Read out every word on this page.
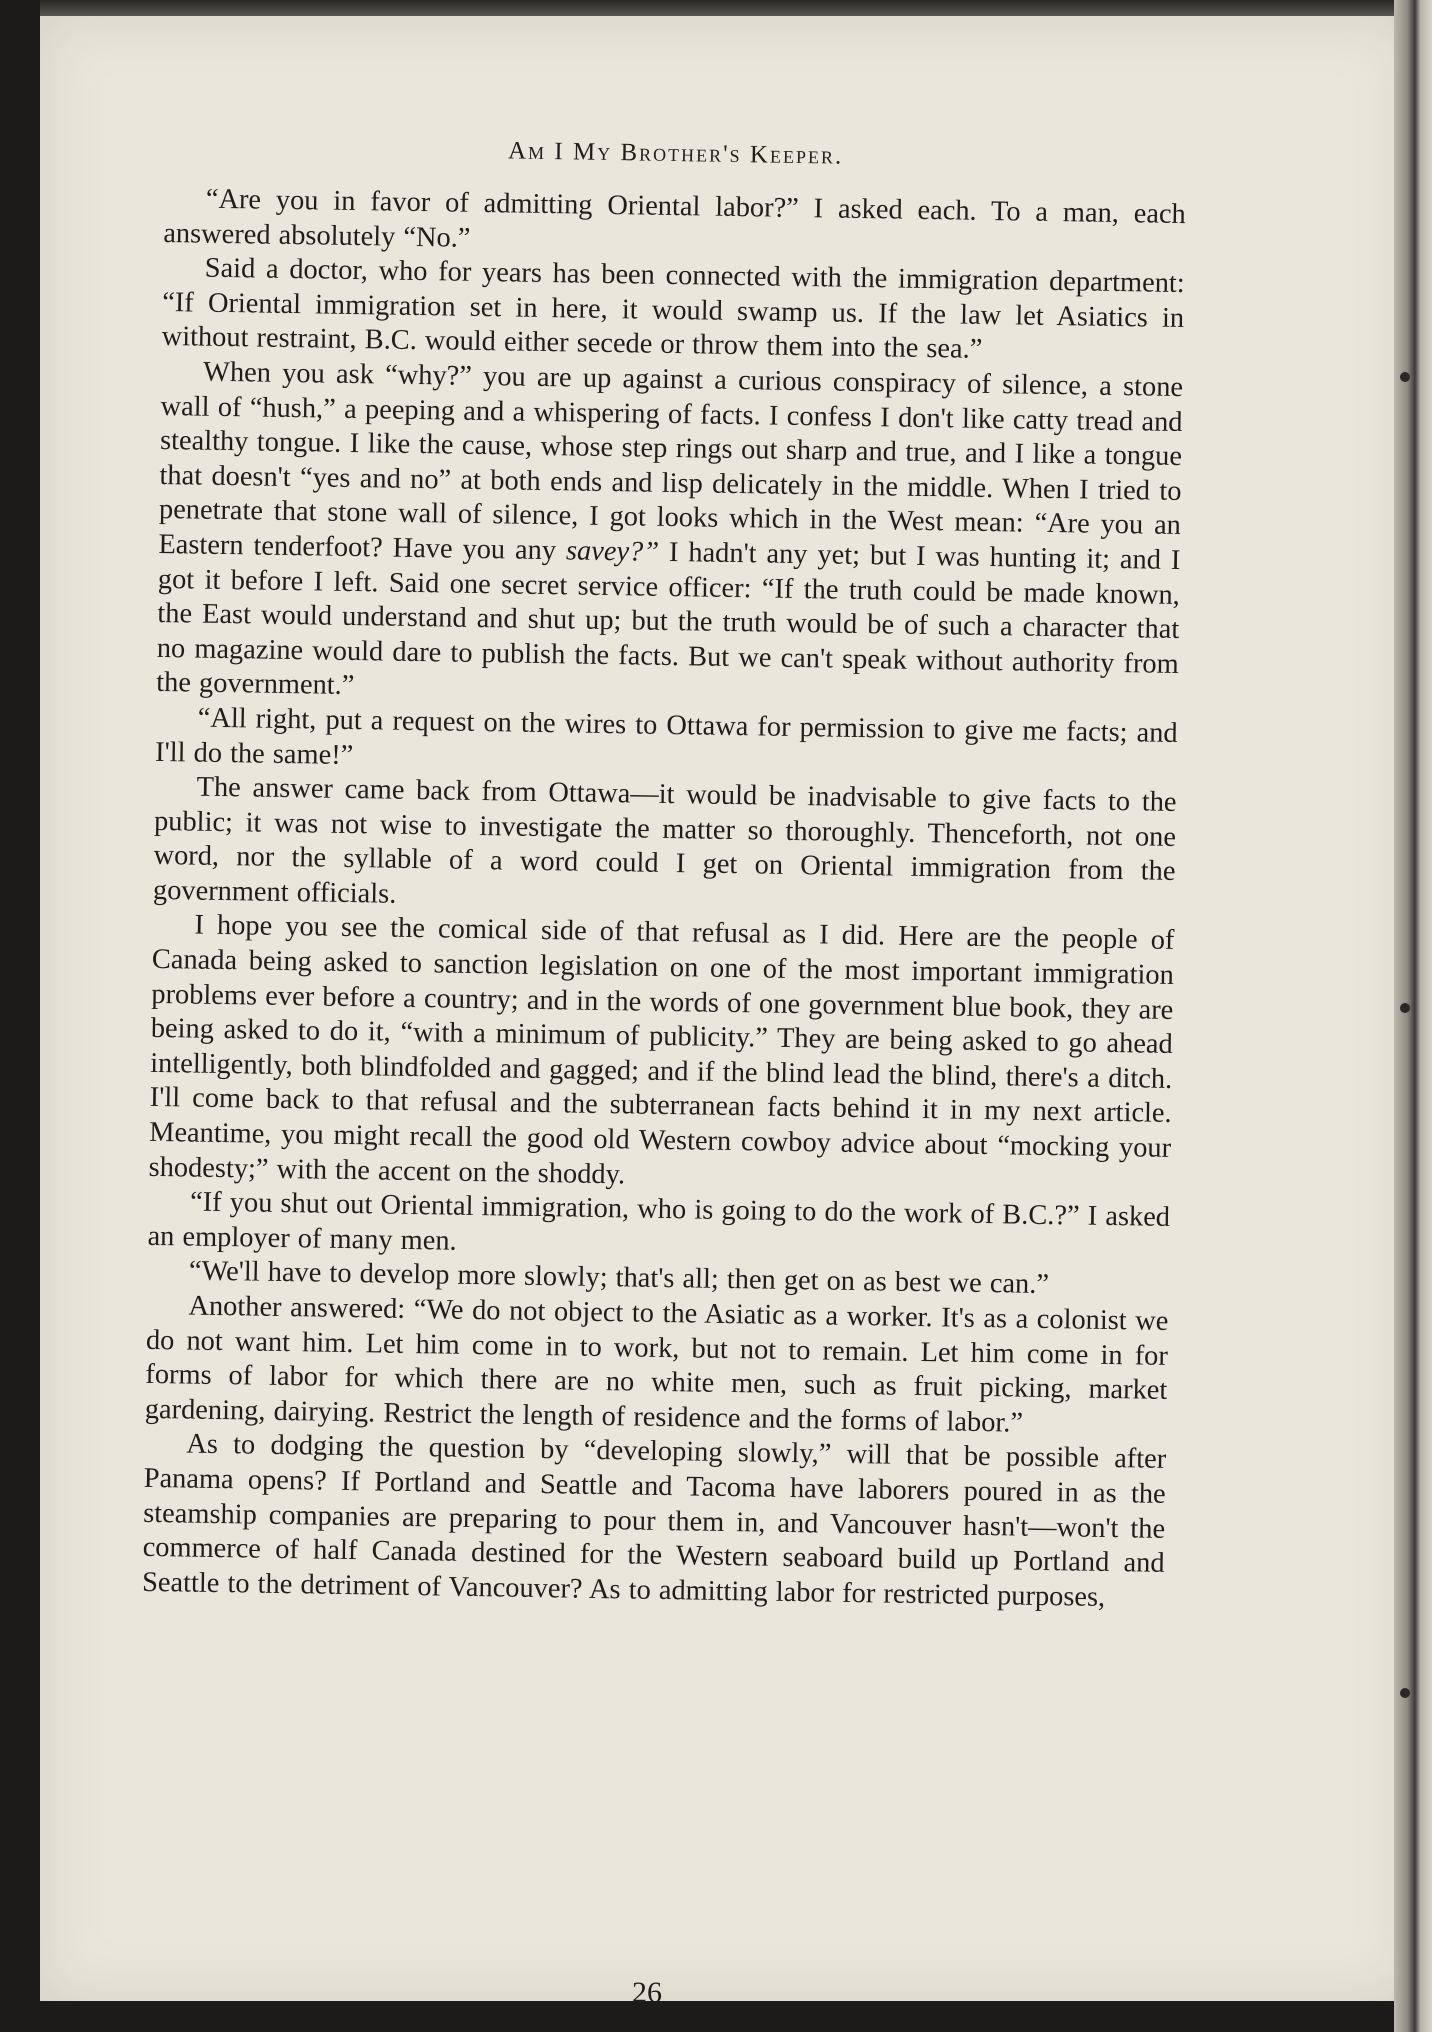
Am I My Brother's Keeper.

“Are you in favor of admitting Oriental labor?” I asked each. To a man, each answered absolutely “No.”

Said a doctor, who for years has been connected with the immigration department: “If Oriental immigration set in here, it would swamp us. If the law let Asiatics in without restraint, B.C. would either secede or throw them into the sea.”

When you ask “why?” you are up against a curious conspiracy of silence, a stone wall of “hush,” a peeping and a whispering of facts. I confess I don't like catty tread and stealthy tongue. I like the cause, whose step rings out sharp and true, and I like a tongue that doesn't “yes and no” at both ends and lisp delicately in the middle. When I tried to penetrate that stone wall of silence, I got looks which in the West mean: “Are you an Eastern tenderfoot? Have you any savey?” I hadn't any yet; but I was hunting it; and I got it before I left. Said one secret service officer: “If the truth could be made known, the East would understand and shut up; but the truth would be of such a character that no magazine would dare to publish the facts. But we can't speak without authority from the government.”

“All right, put a request on the wires to Ottawa for permission to give me facts; and I'll do the same!”

The answer came back from Ottawa—it would be inadvisable to give facts to the public; it was not wise to investigate the matter so thoroughly. Thenceforth, not one word, nor the syllable of a word could I get on Oriental immigration from the government officials.

I hope you see the comical side of that refusal as I did. Here are the people of Canada being asked to sanction legislation on one of the most important immigration problems ever before a country; and in the words of one government blue book, they are being asked to do it, “with a minimum of publicity.” They are being asked to go ahead intelligently, both blindfolded and gagged; and if the blind lead the blind, there's a ditch. I'll come back to that refusal and the subterranean facts behind it in my next article. Meantime, you might recall the good old Western cowboy advice about “mocking your shodesty;” with the accent on the shoddy.

“If you shut out Oriental immigration, who is going to do the work of B.C.?” I asked an employer of many men.

“We'll have to develop more slowly; that's all; then get on as best we can.”

Another answered: “We do not object to the Asiatic as a worker. It's as a colonist we do not want him. Let him come in to work, but not to remain. Let him come in for forms of labor for which there are no white men, such as fruit picking, market gardening, dairying. Restrict the length of residence and the forms of labor.”

As to dodging the question by “developing slowly,” will that be possible after Panama opens? If Portland and Seattle and Tacoma have laborers poured in as the steamship companies are preparing to pour them in, and Vancouver hasn't—won't the commerce of half Canada destined for the Western seaboard build up Portland and Seattle to the detriment of Vancouver? As to admitting labor for restricted purposes,

26
